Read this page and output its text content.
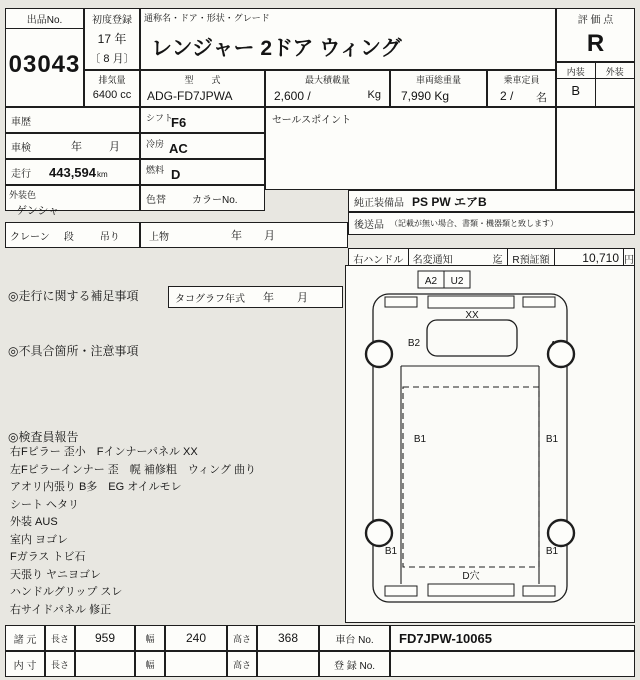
出品No.
03043
初度登録
17 年
〔 8 月〕
通称名・ドア・形状・グレード
レンジャー 2ドア ウィング
評 価 点
R
内装	外装
B
排気量
6400 cc
型　　式
ADG-FD7JPWA
最大積載量
2,600 /	Kg
車両総重量
7,990 Kg
乗車定員
2 / 名
車歴	シフト
F6
車検	年　月	冷房 AC
走行 443,594 km	燃料 D
外装色
ゲンシャ
色替	カラーNo.
セールスポイント
純正装備品 PS PW エアB
後送品 （記載が無い場合、書類・機器類と致します）
クレーン 段	吊り	上物	年　　月
右ハンドル 名変通知	迄 R預証額	10,710 円
◎走行に関する補足事項	タコグラフ年式 年　月
◎不具合箇所・注意事項
◎検査員報告
右Fピラー 歪小　Fインナーパネル XX
左Fピラーインナー 歪　幌 補修粗　ウィング 曲り
アオリ内張り B多　EG オイルモレ
シート ヘタリ
外装 AUS
室内 ヨゴレ
Fガラス トビ石
天張り ヤニヨゴレ
ハンドルグリップ スレ
右サイドパネル 修正
A2 U2
XX
B2
B1	B1
B1	B1
D穴
諸 元	長さ	959	幅	240	高さ	368	車台 No.	FD7JPW-10065
内 寸	長さ	幅	高さ	登 録 No.
